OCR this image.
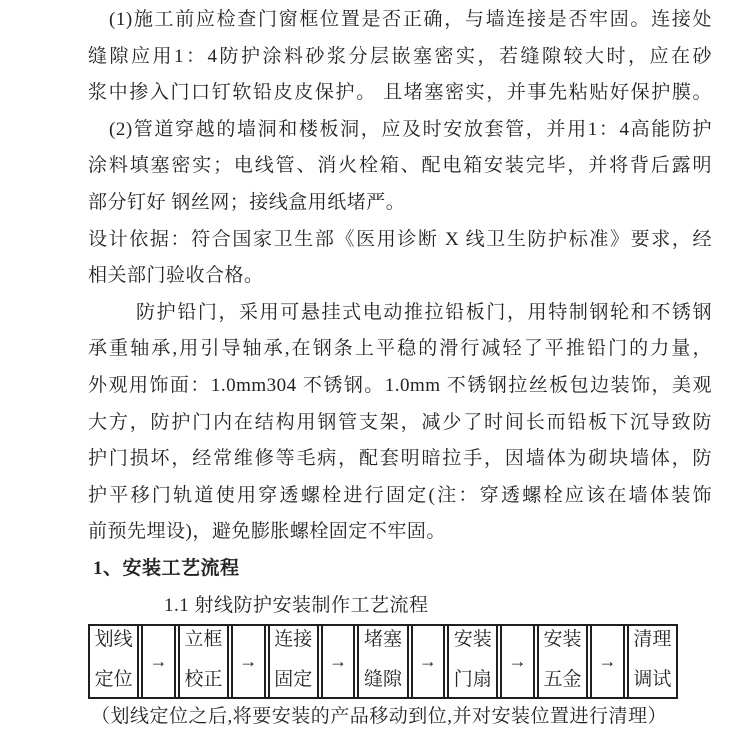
(1)施工前应检查门窗框位置是否正确，与墙连接是否牢固。连接处
缝隙应用1：4防护涂料砂浆分层嵌塞密实，若缝隙较大时，应在砂
浆中掺入门口钉软铅皮皮保护。 且堵塞密实，并事先粘贴好保护膜。
(2)管道穿越的墙洞和楼板洞，应及时安放套管，并用1：4高能防护
涂料填塞密实；电线管、消火栓箱、配电箱安装完毕，并将背后露明
部分钉好 钢丝网；接线盒用纸堵严。
设计依据：符合国家卫生部《医用诊断 X 线卫生防护标准》要求，经
相关部门验收合格。
防护铅门，采用可悬挂式电动推拉铅板门，用特制钢轮和不锈钢
承重轴承,用引导轴承,在钢条上平稳的滑行减轻了平推铅门的力量，
外观用饰面：1.0mm304 不锈钢。1.0mm 不锈钢拉丝板包边装饰，美观
大方，防护门内在结构用钢管支架，减少了时间长而铅板下沉导致防
护门损坏，经常维修等毛病，配套明暗拉手，因墙体为砌块墙体，防
护平移门轨道使用穿透螺栓进行固定(注：穿透螺栓应该在墙体装饰
前预先埋设)，避免膨胀螺栓固定不牢固。
1、安装工艺流程
1.1 射线防护安装制作工艺流程
划线
定位
→
立框
校正
→
连接
固定
→
堵塞
缝隙
→
安装
门扇
→
安装
五金
→
清理
调试
（划线定位之后,将要安装的产品移动到位,并对安装位置进行清理）
